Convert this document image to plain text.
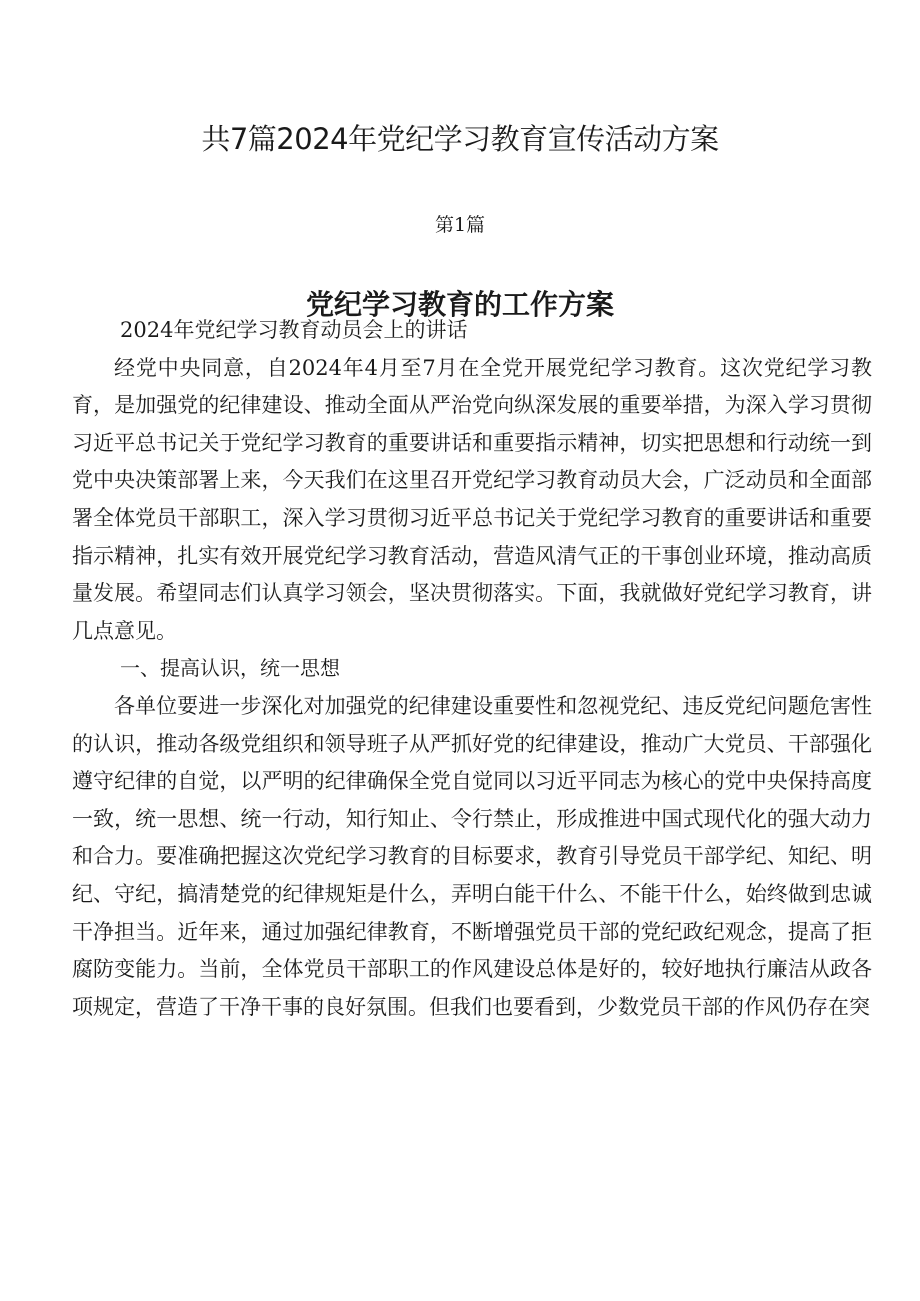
共7篇2024年党纪学习教育宣传活动方案
第1篇
党纪学习教育的工作方案

2024年党纪学习教育动员会上的讲话

经党中央同意，自2024年4月至7月在全党开展党纪学习教育。这次党纪学习教育，是加强党的纪律建设、推动全面从严治党向纵深发展的重要举措，为深入学习贯彻习近平总书记关于党纪学习教育的重要讲话和重要指示精神，切实把思想和行动统一到党中央决策部署上来，今天我们在这里召开党纪学习教育动员大会，广泛动员和全面部署全体党员干部职工，深入学习贯彻习近平总书记关于党纪学习教育的重要讲话和重要指示精神，扎实有效开展党纪学习教育活动，营造风清气正的干事创业环境，推动高质量发展。希望同志们认真学习领会，坚决贯彻落实。下面，我就做好党纪学习教育，讲几点意见。

一、提高认识，统一思想

各单位要进一步深化对加强党的纪律建设重要性和忽视党纪、违反党纪问题危害性的认识，推动各级党组织和领导班子从严抓好党的纪律建设，推动广大党员、干部强化遵守纪律的自觉，以严明的纪律确保全党自觉同以习近平同志为核心的党中央保持高度一致，统一思想、统一行动，知行知止、令行禁止，形成推进中国式现代化的强大动力和合力。要准确把握这次党纪学习教育的目标要求，教育引导党员干部学纪、知纪、明纪、守纪，搞清楚党的纪律规矩是什么，弄明白能干什么、不能干什么，始终做到忠诚干净担当。近年来，通过加强纪律教育，不断增强党员干部的党纪政纪观念，提高了拒腐防变能力。当前，全体党员干部职工的作风建设总体是好的，较好地执行廉洁从政各项规定，营造了干净干事的良好氛围。但我们也要看到，少数党员干部的作风仍存在突
